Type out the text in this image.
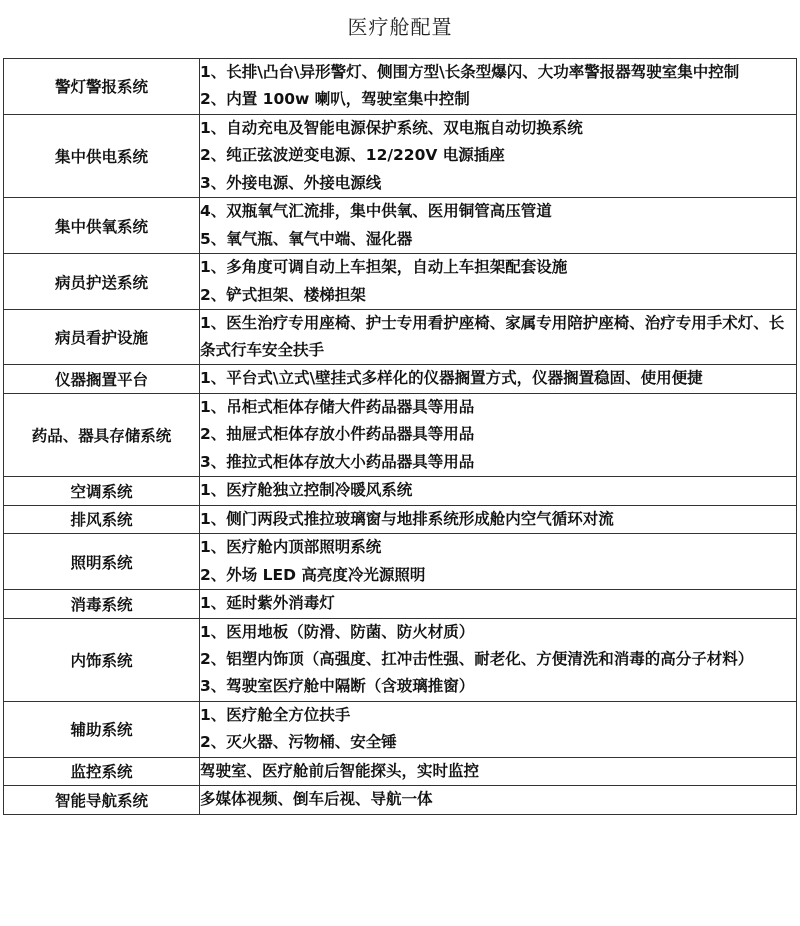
医疗舱配置
警灯警报系统	1、长排\凸台\异形警灯、侧围方型\长条型爆闪、大功率警报器驾驶室集中控制
2、内置 100w 喇叭，驾驶室集中控制

集中供电系统	1、自动充电及智能电源保护系统、双电瓶自动切换系统
2、纯正弦波逆变电源、12/220V 电源插座
3、外接电源、外接电源线

集中供氧系统	4、双瓶氧气汇流排，集中供氧、医用铜管高压管道
5、氧气瓶、氧气中端、湿化器

病员护送系统	1、多角度可调自动上车担架，自动上车担架配套设施
2、铲式担架、楼梯担架

病员看护设施	1、医生治疗专用座椅、护士专用看护座椅、家属专用陪护座椅、治疗专用手术灯、长条式行车安全扶手

仪器搁置平台	1、平台式\立式\壁挂式多样化的仪器搁置方式，仪器搁置稳固、使用便捷

药品、器具存储系统	1、吊柜式柜体存储大件药品器具等用品
2、抽屉式柜体存放小件药品器具等用品
3、推拉式柜体存放大小药品器具等用品

空调系统	1、医疗舱独立控制冷暖风系统

排风系统	1、侧门两段式推拉玻璃窗与地排系统形成舱内空气循环对流

照明系统	1、医疗舱内顶部照明系统
2、外场 LED 高亮度冷光源照明

消毒系统	1、延时紫外消毒灯

内饰系统	1、医用地板（防滑、防菌、防火材质）
2、铝塑内饰顶（高强度、扛冲击性强、耐老化、方便清洗和消毒的高分子材料）
3、驾驶室医疗舱中隔断（含玻璃推窗）

辅助系统	1、医疗舱全方位扶手
2、灭火器、污物桶、安全锤

监控系统	驾驶室、医疗舱前后智能探头，实时监控

智能导航系统	多媒体视频、倒车后视、导航一体
